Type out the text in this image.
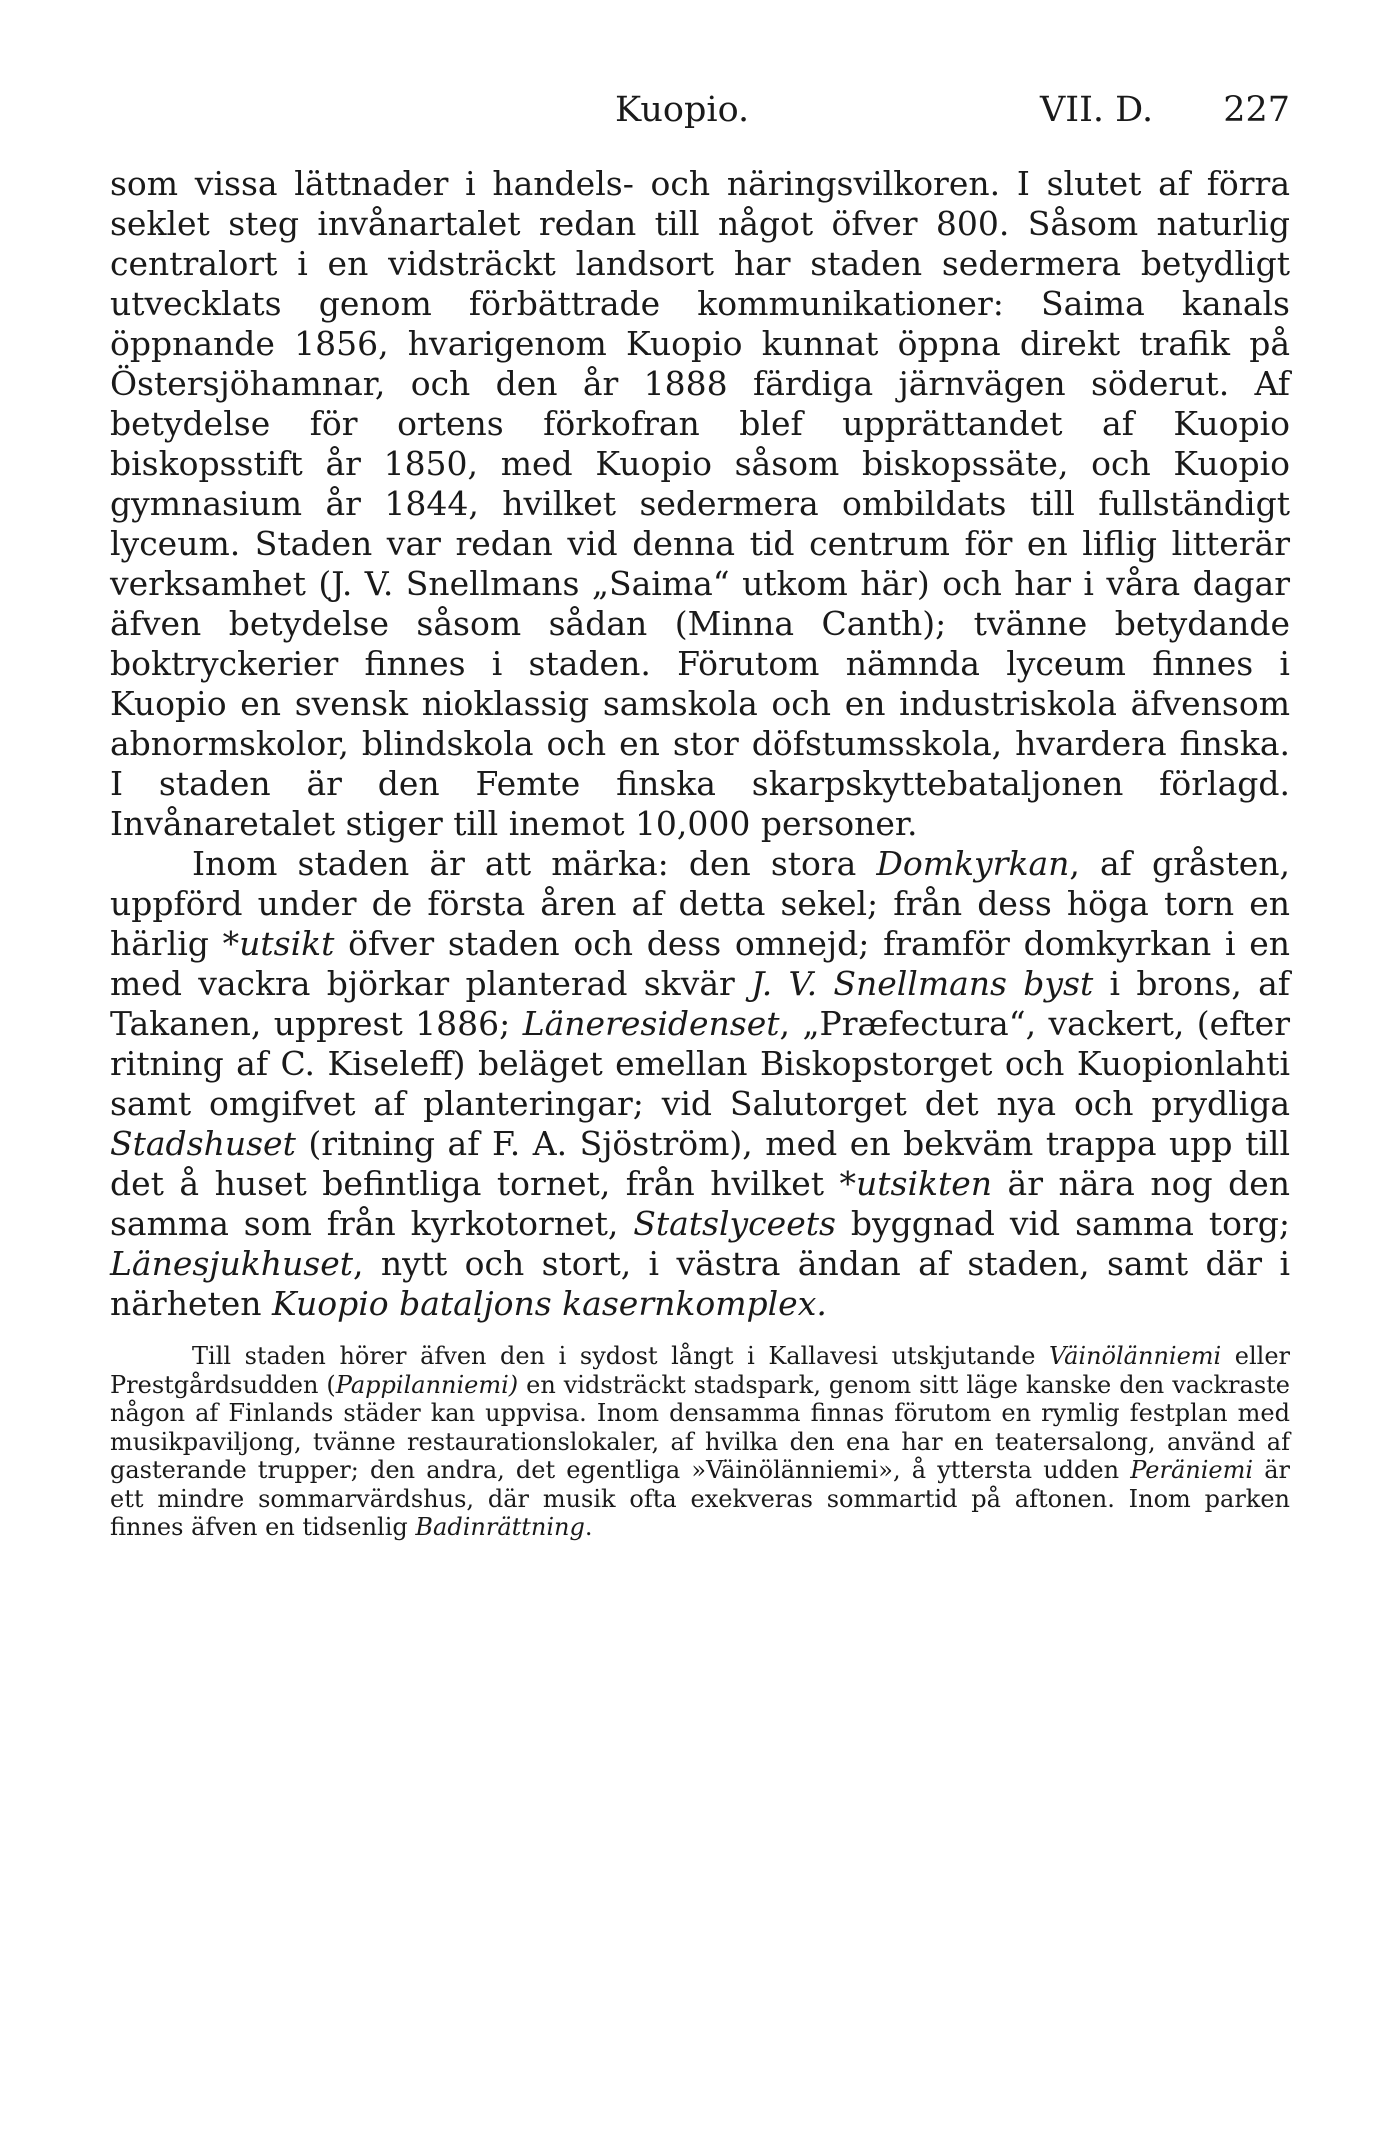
Kuopio.	VII. D. 227

som vissa lättnader i handels- och näringsvilkoren. I slutet af förra seklet steg invånartalet redan till något öfver 800. Såsom naturlig centralort i en vidsträckt landsort har staden sedermera betydligt utvecklats genom förbättrade kommunikationer: Saima kanals öppnande 1856, hvarigenom Kuopio kunnat öppna direkt trafik på Östersjöhamnar, och den år 1888 färdiga järnvägen söderut. Af betydelse för ortens förkofran blef upprättandet af Kuopio biskopsstift år 1850, med Kuopio såsom biskopssäte, och Kuopio gymnasium år 1844, hvilket sedermera ombildats till fullständigt lyceum. Staden var redan vid denna tid centrum för en liflig litterär verksamhet (J. V. Snellmans „Saima“ utkom här) och har i våra dagar äfven betydelse såsom sådan (Minna Canth); tvänne betydande boktryckerier finnes i staden. Förutom nämnda lyceum finnes i Kuopio en svensk nioklassig samskola och en industriskola äfvensom abnormskolor, blindskola och en stor döfstumsskola, hvardera finska. I staden är den Femte finska skarpskyttebataljonen förlagd. Invånaretalet stiger till inemot 10,000 personer.

Inom staden är att märka: den stora Domkyrkan, af gråsten, uppförd under de första åren af detta sekel; från dess höga torn en härlig *utsikt öfver staden och dess omnejd; framför domkyrkan i en med vackra björkar planterad skvär J. V. Snellmans byst i brons, af Takanen, upprest 1886; Läneresidenset, „Præfectura“, vackert, (efter ritning af C. Kiseleff) beläget emellan Biskopstorget och Kuopionlahti samt omgifvet af planteringar; vid Salutorget det nya och prydliga Stadshuset (ritning af F. A. Sjöström), med en bekväm trappa upp till det å huset befintliga tornet, från hvilket *utsikten är nära nog den samma som från kyrkotornet, Statslyceets byggnad vid samma torg; Länesjukhuset, nytt och stort, i västra ändan af staden, samt där i närheten Kuopio bataljons kasernkomplex.

Till staden hörer äfven den i sydost långt i Kallavesi utskjutande Väinölänniemi eller Prestgårdsudden (Pappilanniemi) en vidsträckt stadspark, genom sitt läge kanske den vackraste någon af Finlands städer kan uppvisa. Inom densamma finnas förutom en rymlig festplan med musikpaviljong, tvänne restaurationslokaler, af hvilka den ena har en teatersalong, använd af gasterande trupper; den andra, det egentliga »Väinölänniemi», å yttersta udden Peräniemi är ett mindre sommarvärdshus, där musik ofta exekveras sommartid på aftonen. Inom parken finnes äfven en tidsenlig Badinrättning.
